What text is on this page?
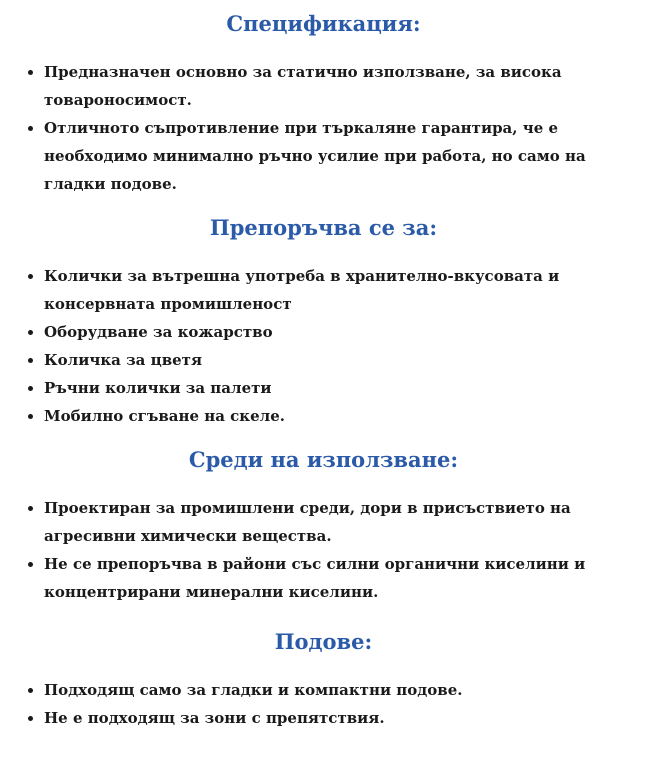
Спецификация:
Предназначен основно за статично използване, за висока товароносимост.
Отличното съпротивление при търкаляне гарантира, че е необходимо минимално ръчно усилие при работа, но само на гладки подове.
Препоръчва се за:
Колички за вътрешна употреба в хранително-вкусовата и консервната промишленост
Оборудване за кожарство
Количка за цветя
Ръчни колички за палети
Мобилно сгъване на скеле.
Среди на използване:
Проектиран за промишлени среди, дори в присъствието на агресивни химически вещества.
Не се препоръчва в райони със силни органични киселини и концентрирани минерални киселини.
Подове:
Подходящ само за гладки и компактни подове.
Не е подходящ за зони с препятствия.
